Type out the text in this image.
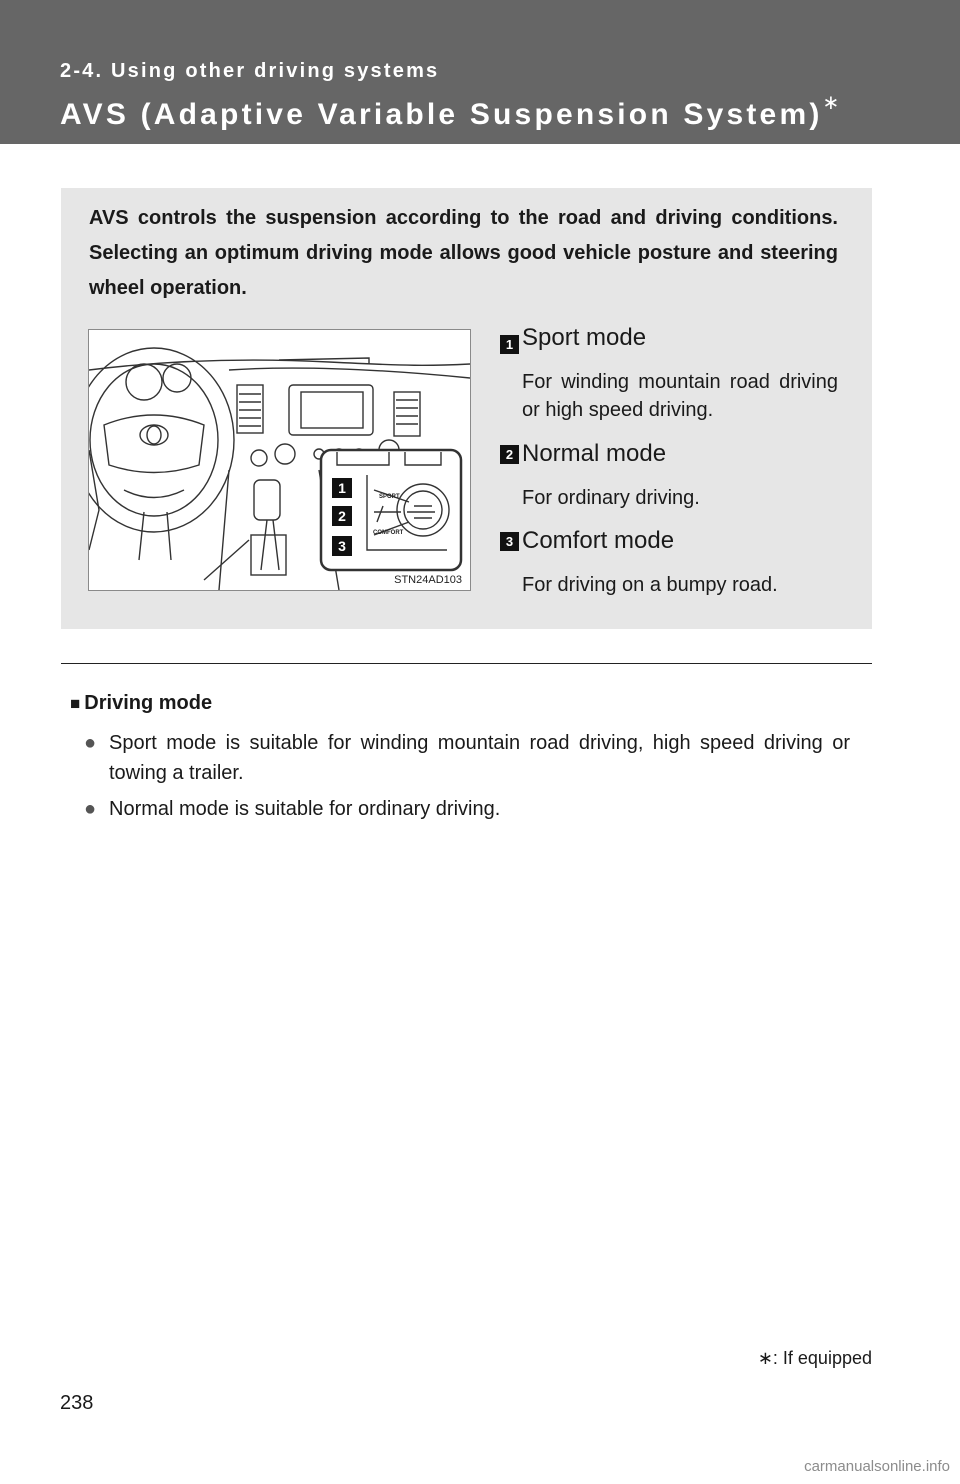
2-4. Using other driving systems
AVS (Adaptive Variable Suspension System)∗

AVS controls the suspension according to the road and driving conditions. Selecting an optimum driving mode allows good vehicle posture and steering wheel operation.

1
2
3
SPORT
COMFORT
STN24AD103
1 Sport mode

For winding mountain road driving or high speed driving.

2 Normal mode

For ordinary driving.

3 Comfort mode

For driving on a bumpy road.

■ Driving mode
● Sport mode is suitable for winding mountain road driving, high speed driving or towing a trailer.
● Normal mode is suitable for ordinary driving.
∗: If equipped
238
carmanualsonline.info
